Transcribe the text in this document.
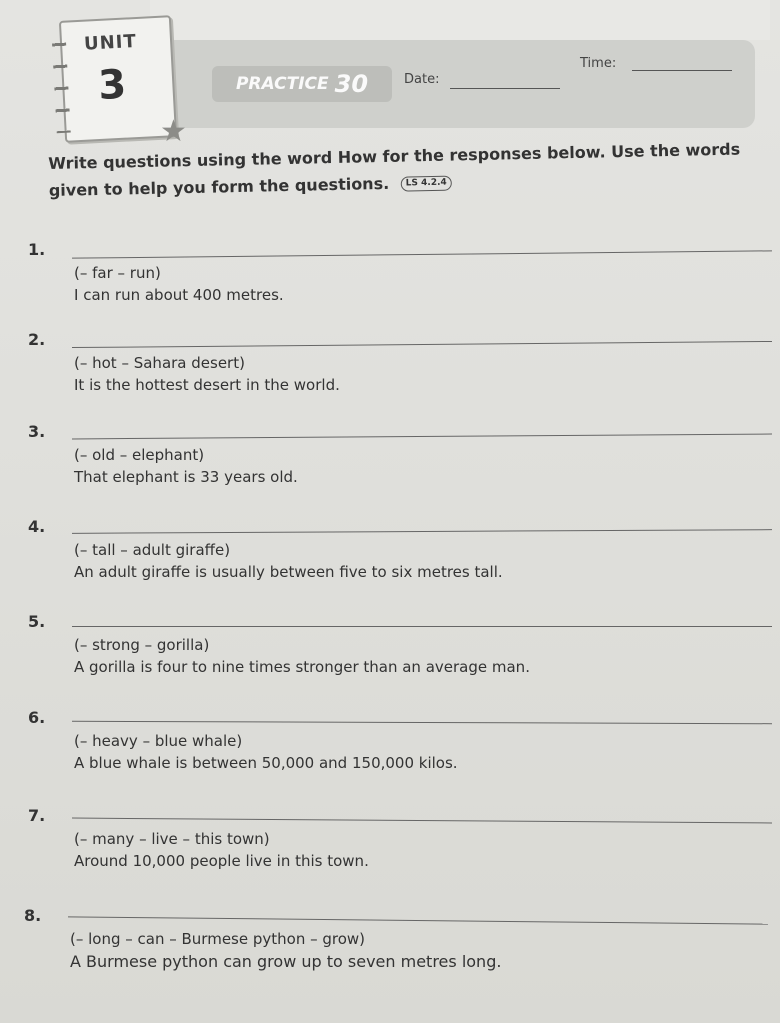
UNIT
3
★
PRACTICE 30	Date:
Time:
Write questions using the word How for the responses below. Use the words given to help you form the questions. LS 4.2.4
1.
(– far – run)
I can run about 400 metres.
2.
(– hot – Sahara desert)
It is the hottest desert in the world.
3.
(– old – elephant)
That elephant is 33 years old.
4.
(– tall – adult giraffe)
An adult giraffe is usually between five to six metres tall.
5.
(– strong – gorilla)
A gorilla is four to nine times stronger than an average man.
6.
(– heavy – blue whale)
A blue whale is between 50,000 and 150,000 kilos.
7.
(– many – live – this town)
Around 10,000 people live in this town.
8.
(– long – can – Burmese python – grow)
A Burmese python can grow up to seven metres long.
